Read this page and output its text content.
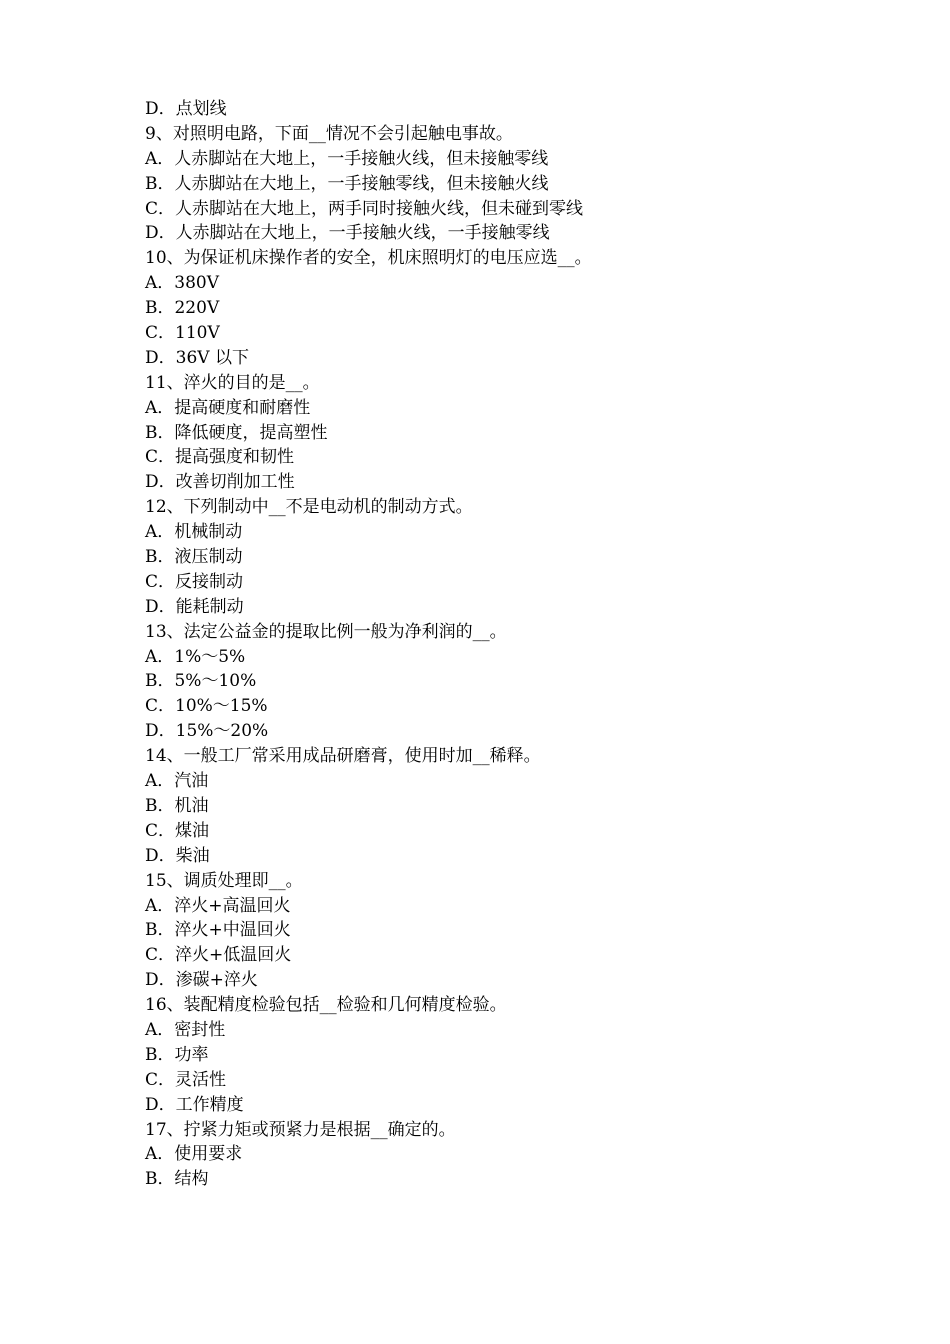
D．点划线
9、对照明电路，下面__情况不会引起触电事故。
A．人赤脚站在大地上，一手接触火线，但未接触零线
B．人赤脚站在大地上，一手接触零线，但未接触火线
C．人赤脚站在大地上，两手同时接触火线，但未碰到零线
D．人赤脚站在大地上，一手接触火线，一手接触零线
10、为保证机床操作者的安全，机床照明灯的电压应选__。
A．380V
B．220V
C．110V
D．36V 以下
11、淬火的目的是__。
A．提高硬度和耐磨性
B．降低硬度，提高塑性
C．提高强度和韧性
D．改善切削加工性
12、下列制动中__不是电动机的制动方式。
A．机械制动
B．液压制动
C．反接制动
D．能耗制动
13、法定公益金的提取比例一般为净利润的__。
A．1%～5%
B．5%～10%
C．10%～15%
D．15%～20%
14、一般工厂常采用成品研磨膏，使用时加__稀释。
A．汽油
B．机油
C．煤油
D．柴油
15、调质处理即__。
A．淬火+高温回火
B．淬火+中温回火
C．淬火+低温回火
D．渗碳+淬火
16、装配精度检验包括__检验和几何精度检验。
A．密封性
B．功率
C．灵活性
D．工作精度
17、拧紧力矩或预紧力是根据__确定的。
A．使用要求
B．结构
